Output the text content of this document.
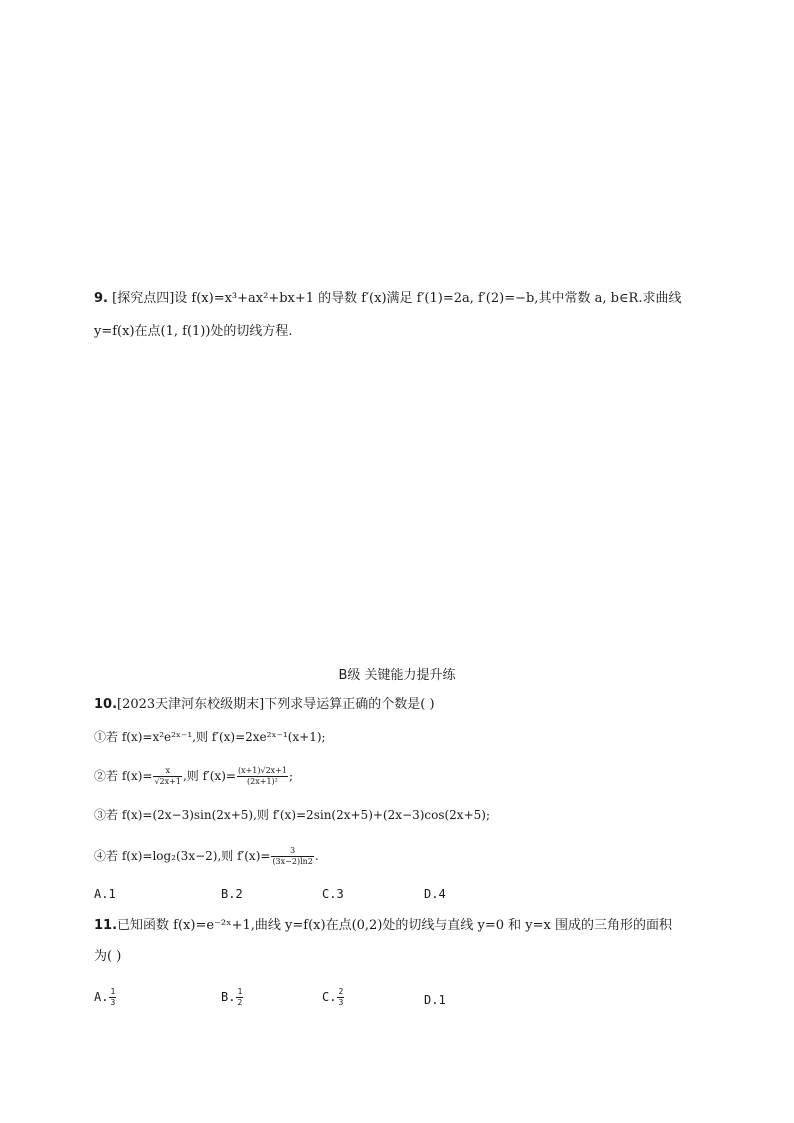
9. [探究点四]设 f(x)=x³+ax²+bx+1 的导数 f′(x)满足 f′(1)=2a, f′(2)=−b,其中常数 a, b∈R.求曲线
y=f(x)在点(1, f(1))处的切线方程.
B级 关键能力提升练
10.[2023天津河东校级期末]下列求导运算正确的个数是( )
①若 f(x)=x²e²ˣ⁻¹,则 f′(x)=2xe²ˣ⁻¹(x+1);
②若 $f(x)= \frac{x}{√2x+1}$ ,则 $f'(x)= \frac{(x+1)√2x+1}{\text{(2x+1)²}}$ ;
③若 f(x)=(2x−3)sin(2x+5),则 f′(x)=2sin(2x+5)+(2x−3)cos(2x+5);
④若 f(x)=log₂(3x−2),则 $f'(x)= \frac{3}{(3x-2)\ln 2}$ .
A.1	B.2	C.3	D.4
11.已知函数 f(x)=e⁻²ˣ+1,曲线 y=f(x)在点(0,2)处的切线与直线 y=0 和 y=x 围成的三角形的面积
为( )
A. $\frac{1}{3}$	B. $\frac{1}{2}$	C. $\frac{2}{3}$	D.1
